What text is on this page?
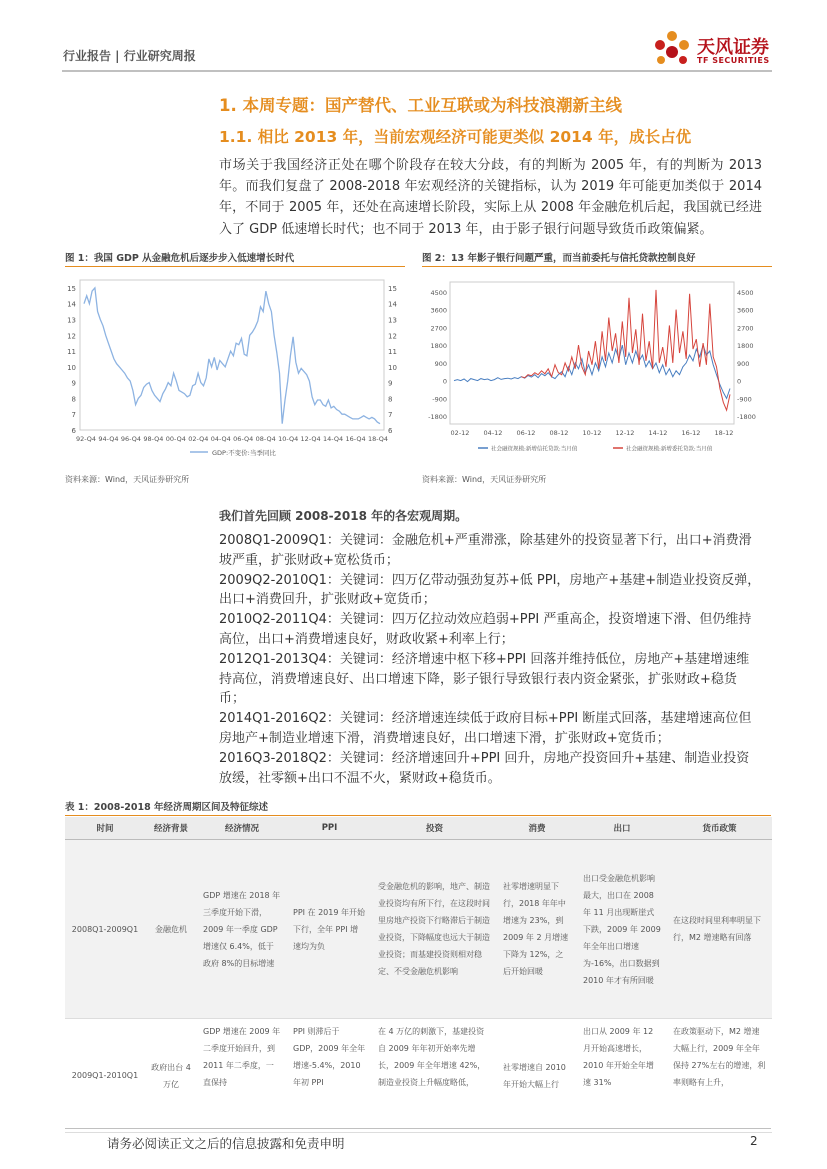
行业报告 | 行业研究周报	天风证券
TF SECURITIES
1. 本周专题：国产替代、工业互联或为科技浪潮新主线
1.1. 相比 2013 年，当前宏观经济可能更类似 2014 年，成长占优
市场关于我国经济正处在哪个阶段存在较大分歧，有的判断为 2005 年，有的判断为 2013 年。而我们复盘了 2008-2018 年宏观经济的关键指标，认为 2019 年可能更加类似于 2014 年，不同于 2005 年，还处在高速增长阶段，实际上从 2008 年金融危机后起，我国就已经进入了 GDP 低速增长时代；也不同于 2013 年，由于影子银行问题导致货币政策偏紧。
图 1：我国 GDP 从金融危机后逐步步入低速增长时代
15	15
14	14
13	13
12	12
11	11
10	10
9	9
8	8
7	7
6	6
92-Q4 94-Q4 96-Q4 98-Q4 00-Q4 02-Q4 04-Q4 06-Q4 08-Q4 10-Q4 12-Q4 14-Q4 16-Q4 18-Q4
GDP:不变价:当季同比
资料来源：Wind，天风证券研究所
图 2：13 年影子银行问题严重，而当前委托与信托贷款控制良好
4500
3600
2700
1800
900
0
-900
-1800
4500
3600
2700
1800
900
0
-900
-1800
02-12 04-12 06-12 08-12 10-12 12-12 14-12 16-12 18-12
社会融资规模:新增信托贷款:当月值	社会融资规模:新增委托贷款:当月值
资料来源：Wind，天风证券研究所
我们首先回顾 2008-2018 年的各宏观周期。
2008Q1-2009Q1：关键词：金融危机+严重滞涨，除基建外的投资显著下行，出口+消费滑坡严重，扩张财政+宽松货币；
2009Q2-2010Q1：关键词：四万亿带动强劲复苏+低 PPI，房地产+基建+制造业投资反弹，出口+消费回升，扩张财政+宽货币；
2010Q2-2011Q4：关键词：四万亿拉动效应趋弱+PPI 严重高企，投资增速下滑、但仍维持高位，出口+消费增速良好，财政收紧+利率上行；
2012Q1-2013Q4：关键词：经济增速中枢下移+PPI 回落并维持低位，房地产+基建增速维持高位，消费增速良好、出口增速下降，影子银行导致银行表内资金紧张，扩张财政+稳货币；
2014Q1-2016Q2：关键词：经济增速连续低于政府目标+PPI 断崖式回落，基建增速高位但房地产+制造业增速下滑，消费增速良好，出口增速下滑，扩张财政+宽货币；
2016Q3-2018Q2：关键词：经济增速回升+PPI 回升，房地产投资回升+基建、制造业投资放缓，社零额+出口不温不火，紧财政+稳货币。
表 1：2008-2018 年经济周期区间及特征综述
时间	经济背景	经济情况	PPI	投资	消费	出口	货币政策
2008Q1-2009Q1	金融危机	GDP 增速在 2018 年三季度开始下滑，2009 年一季度 GDP 增速仅 6.4%，低于政府 8%的目标增速	PPI 在 2019 年开始下行，全年 PPI 增速均为负	受金融危机的影响，地产、制造业投资均有所下行，在这段时间里房地产投资下行略滞后于制造业投资，下降幅度也远大于制造业投资；而基建投资则相对稳定、不受金融危机影响	社零增速明显下行，2018 年年中增速为 23%，到 2009 年 2 月增速下降为 12%，之后开始回暖	出口受金融危机影响最大，出口在 2008 年 11 月出现断崖式下跌，2009 年 2009 年全年出口增速为-16%，出口数据到 2010 年才有所回暖	在这段时间里利率明显下行，M2 增速略有回落
2009Q1-2010Q1	政府出台 4 万亿	GDP 增速在 2009 年二季度开始回升，到 2011 年二季度，一直保持	PPI 则滞后于 GDP，2009 年全年增速-5.4%，2010 年初 PPI	在 4 万亿的刺激下，基建投资自 2009 年年初开始率先增长，2009 年全年增速 42%，制造业投资上升幅度略低，	社零增速自 2010 年开始大幅上行	出口从 2009 年 12 月开始高速增长，2010 年开始全年增速 31%	在政策驱动下，M2 增速大幅上行，2009 年全年保持 27%左右的增速，利率则略有上升，
请务必阅读正文之后的信息披露和免责申明	2
